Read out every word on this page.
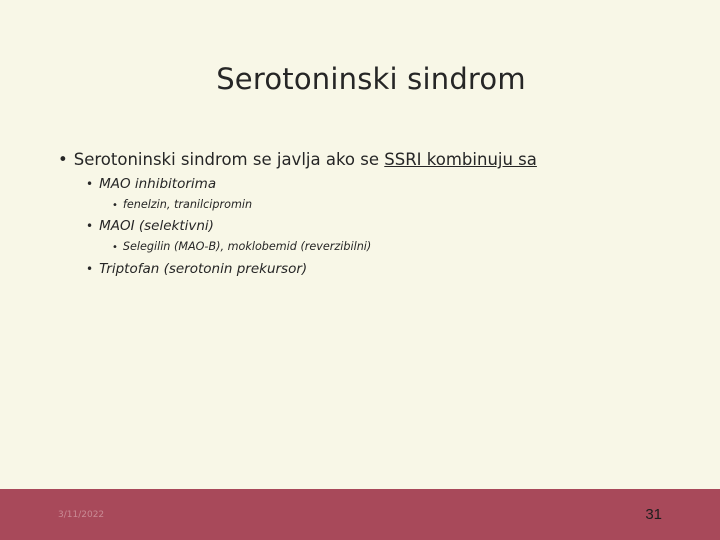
Serotoninski sindrom
• Serotoninski sindrom se javlja ako se SSRI kombinuju sa
• MAO inhibitorima
• fenelzin, tranilcipromin
• MAOI (selektivni)
• Selegilin (MAO-B), moklobemid (reverzibilni)
• Triptofan (serotonin prekursor)
3/11/2022	31
